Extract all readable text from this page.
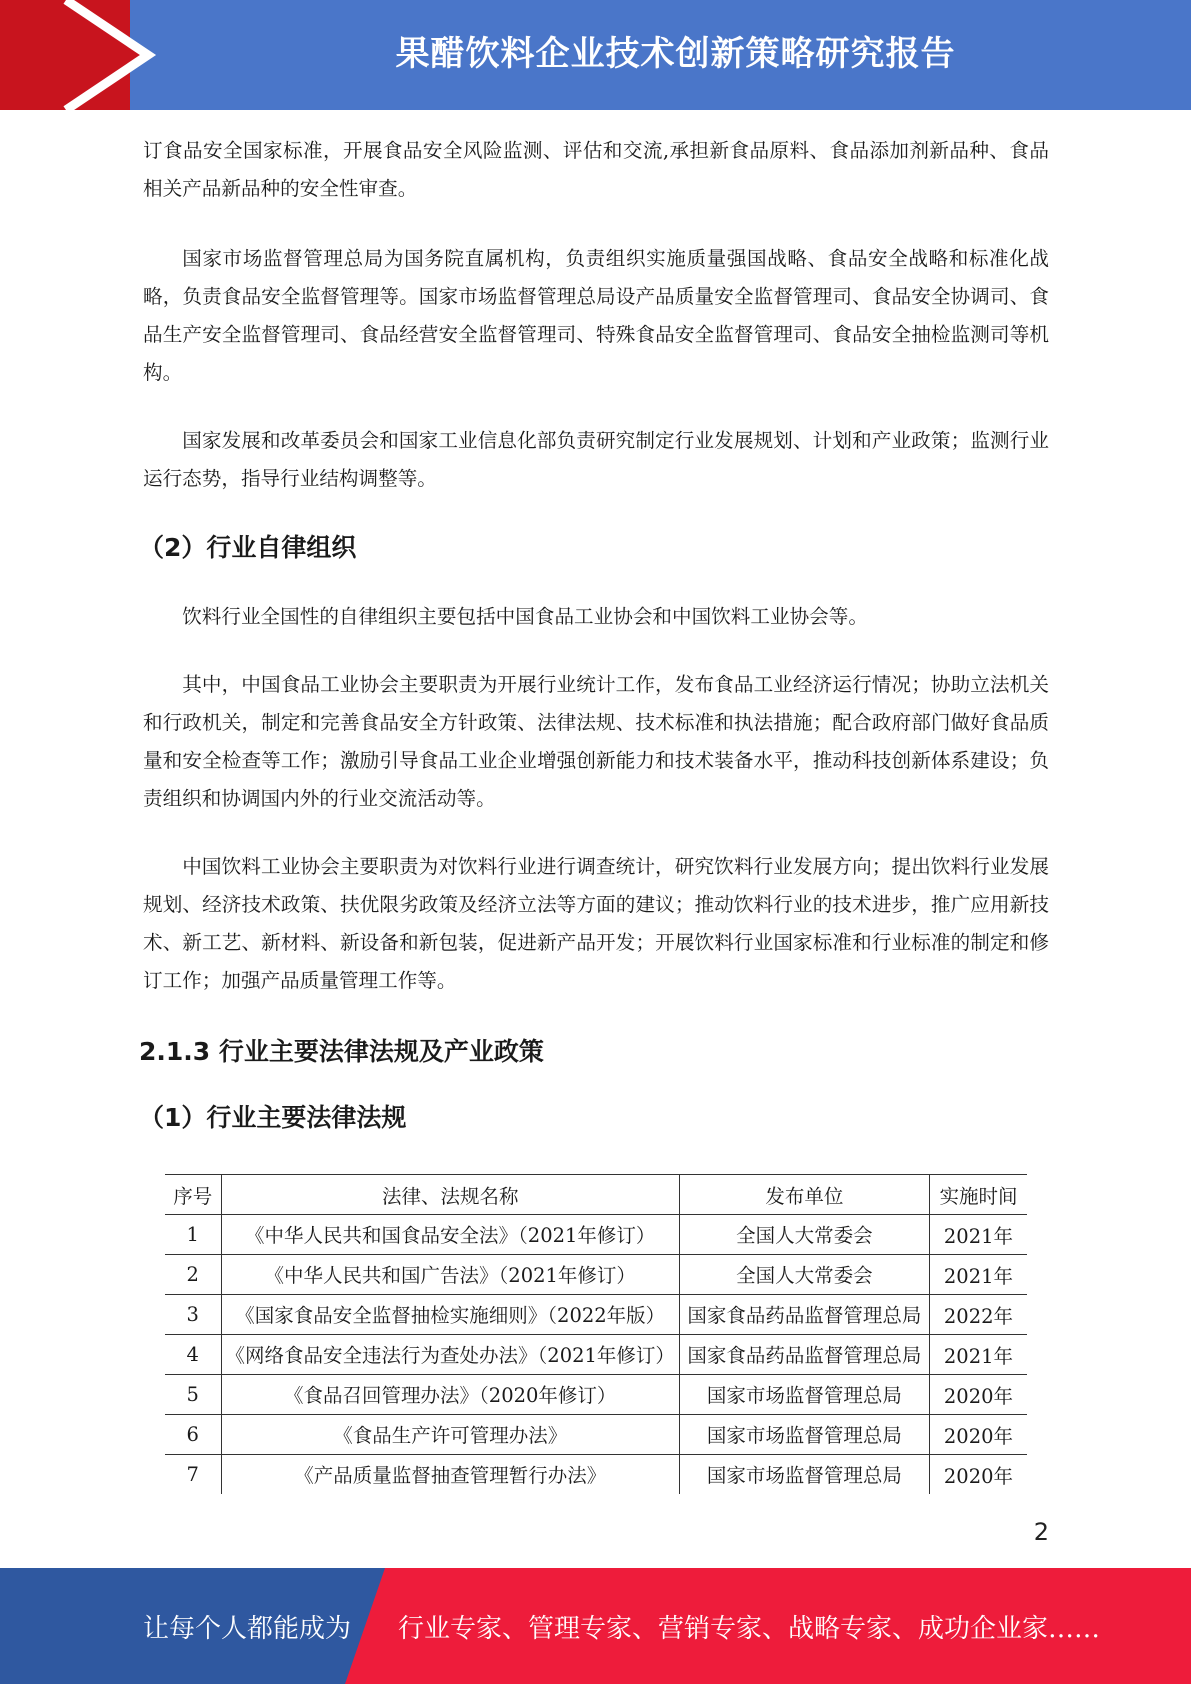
果醋饮料企业技术创新策略研究报告

订食品安全国家标准，开展食品安全风险监测、评估和交流,承担新食品原料、食品添加剂新品种、食品相关产品新品种的安全性审查。

国家市场监督管理总局为国务院直属机构，负责组织实施质量强国战略、食品安全战略和标准化战略，负责食品安全监督管理等。国家市场监督管理总局设产品质量安全监督管理司、食品安全协调司、食品生产安全监督管理司、食品经营安全监督管理司、特殊食品安全监督管理司、食品安全抽检监测司等机构。

国家发展和改革委员会和国家工业信息化部负责研究制定行业发展规划、计划和产业政策；监测行业运行态势，指导行业结构调整等。

（2）行业自律组织

饮料行业全国性的自律组织主要包括中国食品工业协会和中国饮料工业协会等。

其中，中国食品工业协会主要职责为开展行业统计工作，发布食品工业经济运行情况；协助立法机关和行政机关，制定和完善食品安全方针政策、法律法规、技术标准和执法措施；配合政府部门做好食品质量和安全检查等工作；激励引导食品工业企业增强创新能力和技术装备水平，推动科技创新体系建设；负责组织和协调国内外的行业交流活动等。

中国饮料工业协会主要职责为对饮料行业进行调查统计，研究饮料行业发展方向；提出饮料行业发展规划、经济技术政策、扶优限劣政策及经济立法等方面的建议；推动饮料行业的技术进步，推广应用新技术、新工艺、新材料、新设备和新包装，促进新产品开发；开展饮料行业国家标准和行业标准的制定和修订工作；加强产品质量管理工作等。

2.1.3 行业主要法律法规及产业政策
（1）行业主要法律法规
序号	法律、法规名称	发布单位	实施时间
1	《中华人民共和国食品安全法》（2021年修订）	全国人大常委会	2021年
2	《中华人民共和国广告法》（2021年修订）	全国人大常委会	2021年
3	《国家食品安全监督抽检实施细则》（2022年版）	国家食品药品监督管理总局	2022年
4	《网络食品安全违法行为查处办法》（2021年修订）	国家食品药品监督管理总局	2021年
5	《食品召回管理办法》（2020年修订）	国家市场监督管理总局	2020年
6	《食品生产许可管理办法》	国家市场监督管理总局	2020年
7	《产品质量监督抽查管理暂行办法》	国家市场监督管理总局	2020年
2
让每个人都能成为 行业专家、管理专家、营销专家、战略专家、成功企业家……
